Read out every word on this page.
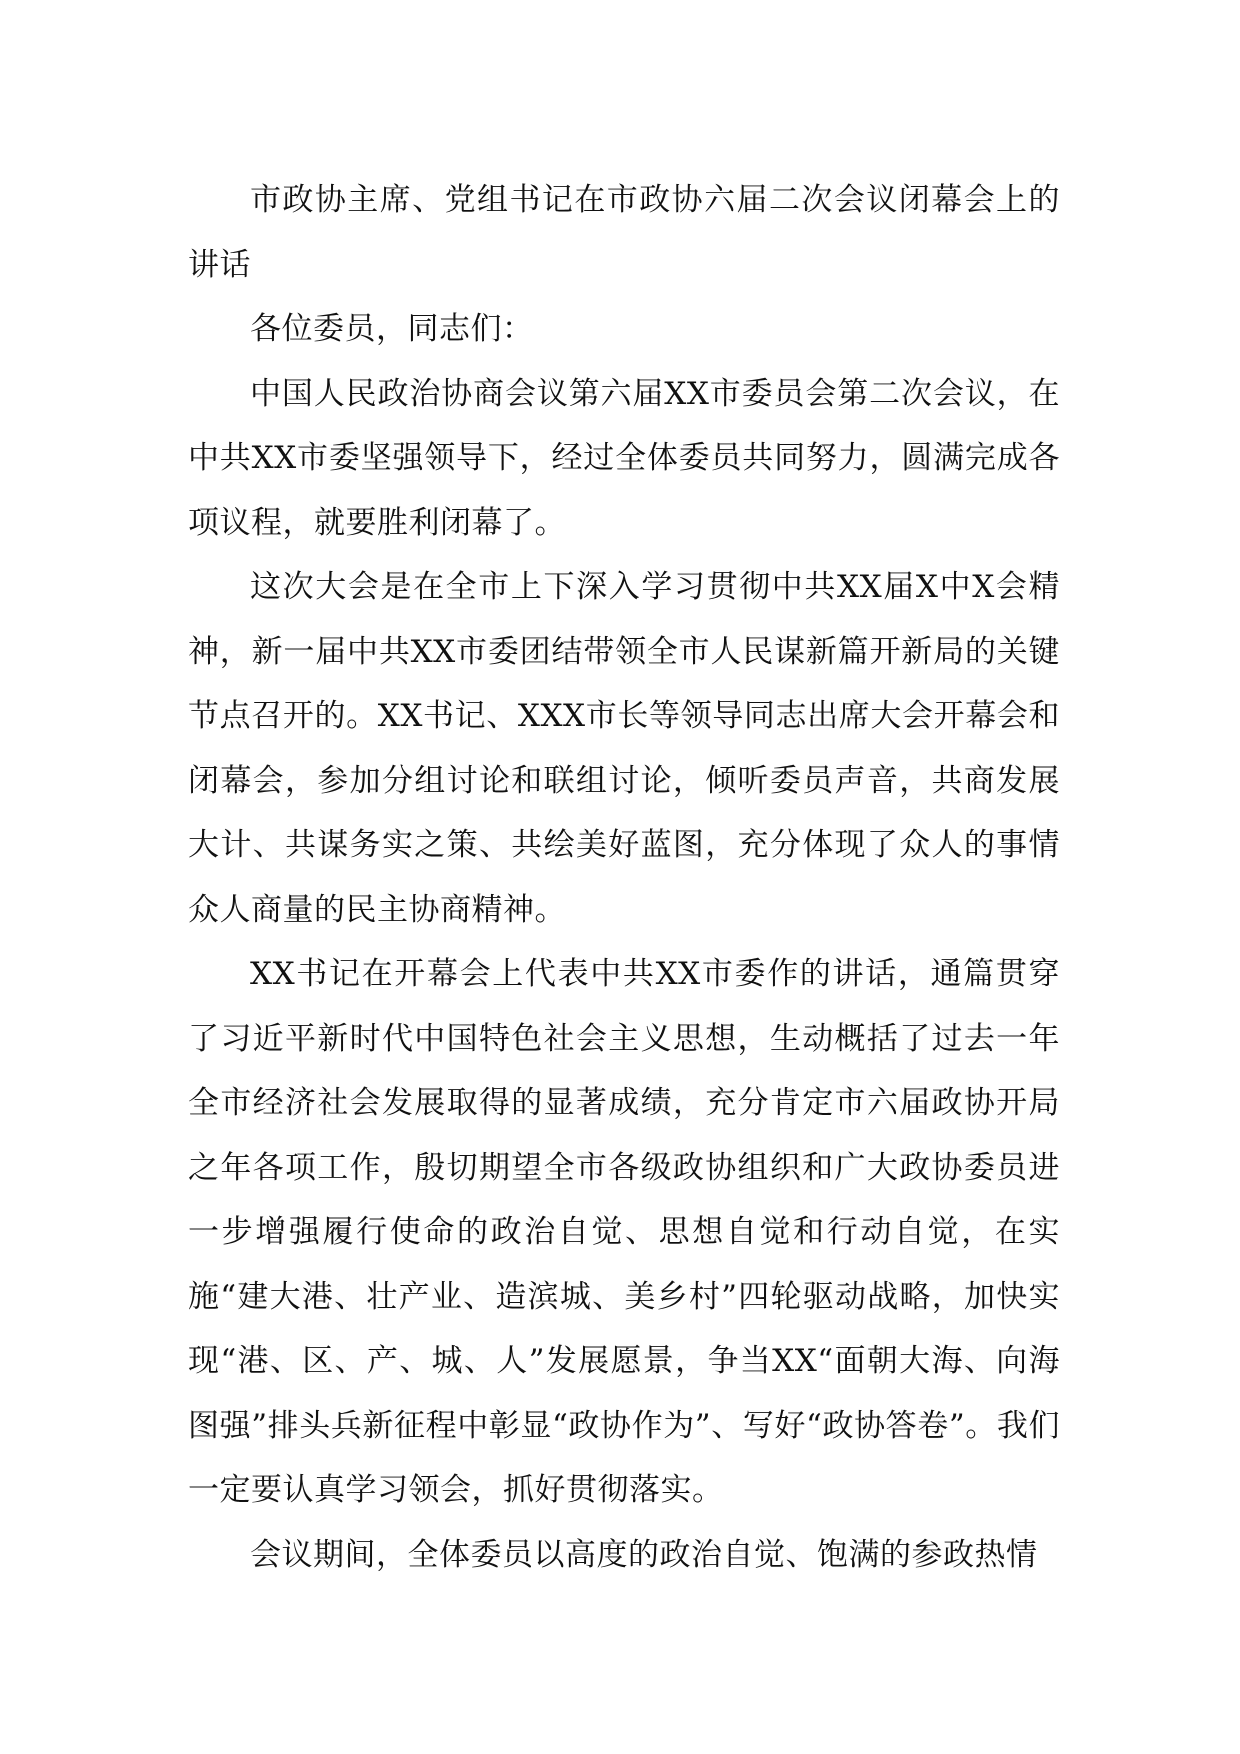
市政协主席、党组书记在市政协六届二次会议闭幕会上的讲话

各位委员，同志们：

中国人民政治协商会议第六届XX市委员会第二次会议，在中共XX市委坚强领导下，经过全体委员共同努力，圆满完成各项议程，就要胜利闭幕了。

这次大会是在全市上下深入学习贯彻中共XX届X中X会精神，新一届中共XX市委团结带领全市人民谋新篇开新局的关键节点召开的。XX书记、XXX市长等领导同志出席大会开幕会和闭幕会，参加分组讨论和联组讨论，倾听委员声音，共商发展大计、共谋务实之策、共绘美好蓝图，充分体现了众人的事情众人商量的民主协商精神。

XX书记在开幕会上代表中共XX市委作的讲话，通篇贯穿了习近平新时代中国特色社会主义思想，生动概括了过去一年全市经济社会发展取得的显著成绩，充分肯定市六届政协开局之年各项工作，殷切期望全市各级政协组织和广大政协委员进一步增强履行使命的政治自觉、思想自觉和行动自觉，在实施“建大港、壮产业、造滨城、美乡村”四轮驱动战略，加快实现“港、区、产、城、人”发展愿景，争当XX“面朝大海、向海图强”排头兵新征程中彰显“政协作为”、写好“政协答卷”。我们一定要认真学习领会，抓好贯彻落实。

会议期间，全体委员以高度的政治自觉、饱满的参政热情
